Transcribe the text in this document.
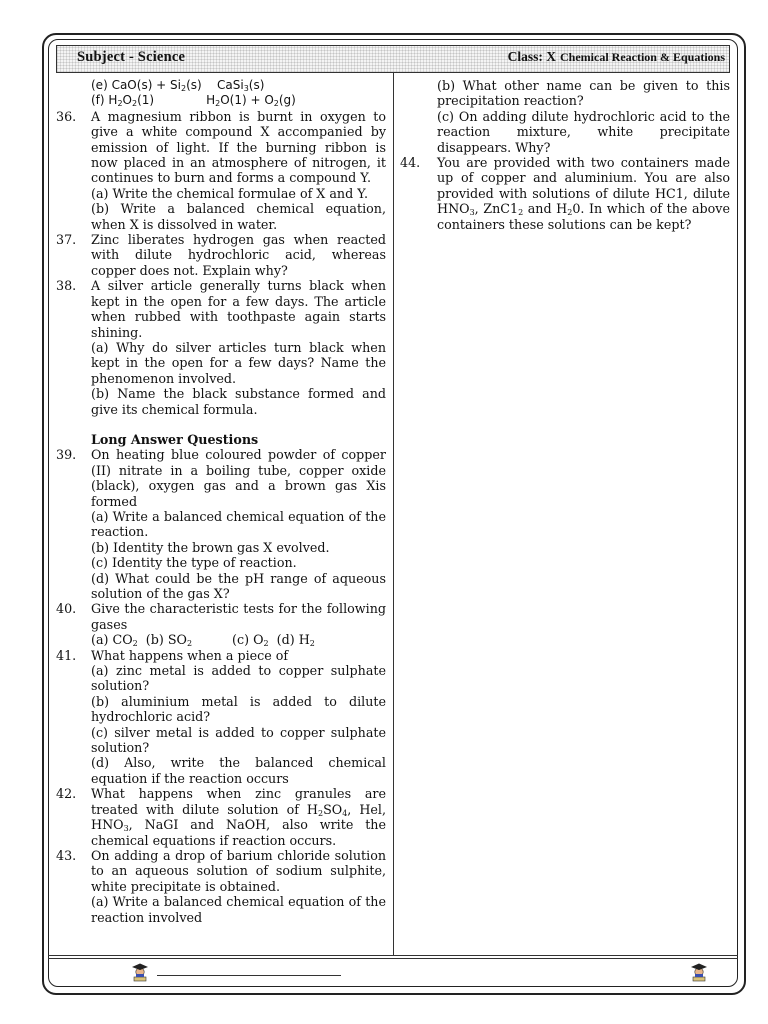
Subject - Science	Class: X Chemical Reaction & Equations
(e) $CaO(s) + Si_2(s)$ CaSi$_3$(s)
(f) $H_2O_2(1)$	$H_2O(1) + O_2(g)$
36.	A magnesium ribbon is burnt in oxygen to give a white compound X accompanied by emission of light. If the burning ribbon is now placed in an atmosphere of nitrogen, it continues to burn and forms a compound Y.
(a) Write the chemical formulae of X and Y.
(b) Write a balanced chemical equation, when X is dissolved in water.
37.	Zinc liberates hydrogen gas when reacted with dilute hydrochloric acid, whereas copper does not. Explain why?
38.	A silver article generally turns black when kept in the open for a few days. The article when rubbed with toothpaste again starts shining.
(a) Why do silver articles turn black when kept in the open for a few days? Name the phenomenon involved.
(b) Name the black substance formed and give its chemical formula.
Long Answer Questions
39.	On heating blue coloured powder of copper (II) nitrate in a boiling tube, copper oxide (black), oxygen gas and a brown gas Xis formed
(a) Write a balanced chemical equation of the reaction.
(b) Identity the brown gas X evolved.
(c) Identity the type of reaction.
(d) What could be the pH range of aqueous solution of the gas X?
40.	Give the characteristic tests for the following gases
(a) $CO_2$ (b) $SO_2$	(c) $O_2$ (d) $H_2$
41.	What happens when a piece of
(a) zinc metal is added to copper sulphate solution?
(b) aluminium metal is added to dilute hydrochloric acid?
(c) silver metal is added to copper sulphate solution?
(d) Also, write the balanced chemical equation if the reaction occurs
42.	What happens when zinc granules are treated with dilute solution of $H_2SO_4$, Hel, $HNO_3$, NaGI and NaOH, also write the chemical equations if reaction occurs.
43.	On adding a drop of barium chloride solution to an aqueous solution of sodium sulphite, white precipitate is obtained.
(a) Write a balanced chemical equation of the reaction involved
(b) What other name can be given to this precipitation reaction?
(c) On adding dilute hydrochloric acid to the reaction mixture, white precipitate disappears. Why?
44.	You are provided with two containers made up of copper and aluminium. You are also provided with solutions of dilute HC1, dilute $HNO_3$, $ZnC1_2$ and $H_20$. In which of the above containers these solutions can be kept?
